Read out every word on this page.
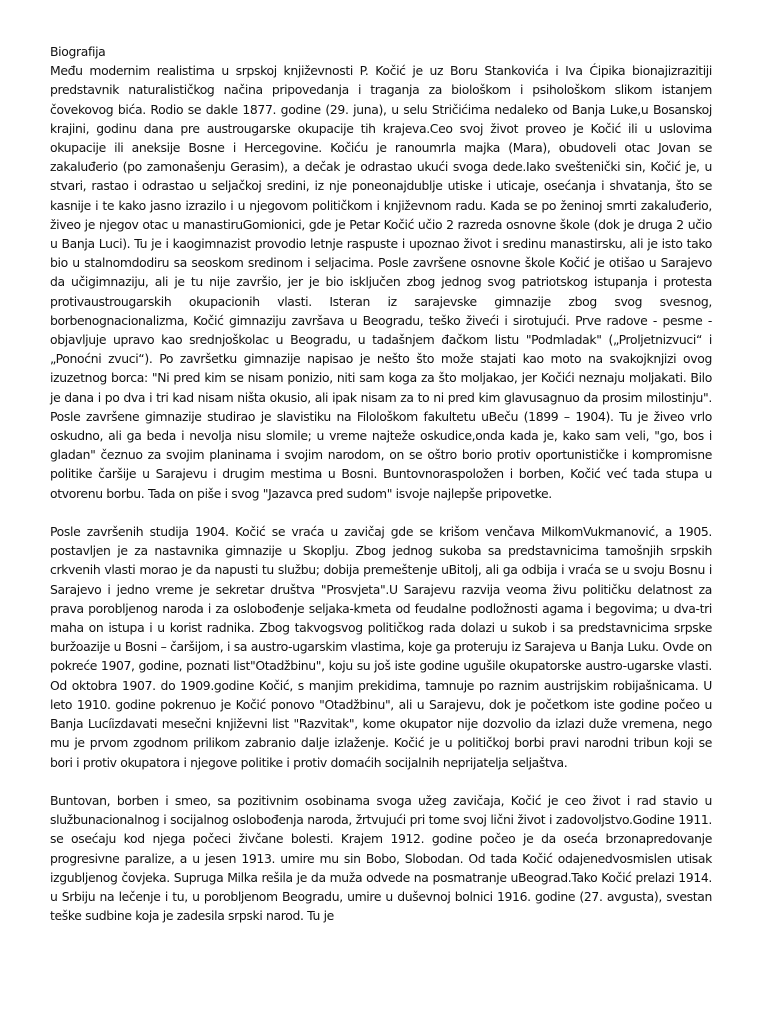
Biografija

Među modernim realistima u srpskoj književnosti P. Kočić je uz Boru Stankovića i Iva Ćipika bionajizrazitiji predstavnik naturalističkog načina pripovedanja i traganja za biološkom i psihološkom slikom istanjem čovekovog bića. Rodio se dakle 1877. godine (29. juna), u selu Stričićima nedaleko od Banja Luke,u Bosanskoj krajini, godinu dana pre austrougarske okupacije tih krajeva.Ceo svoj život proveo je Kočić ili u uslovima okupacije ili aneksije Bosne i Hercegovine. Kočiću je ranoumrla majka (Mara), obudoveli otac Jovan se zakaluđerio (po zamonašenju Gerasim), a dečak je odrastao ukući svoga dede.Iako sveštenički sin, Kočić je, u stvari, rastao i odrastao u seljačkoj sredini, iz nje poneonajdublje utiske i uticaje, osećanja i shvatanja, što se kasnije i te kako jasno izrazilo i u njegovom političkom i književnom radu. Kada se po ženinoj smrti zakaluđerio, živeo je njegov otac u manastiruGomionici, gde je Petar Kočić učio 2 razreda osnovne škole (dok je druga 2 učio u Banja Luci). Tu je i kaogimnazist provodio letnje raspuste i upoznao život i sredinu manastirsku, ali je isto tako bio u stalnomdodiru sa seoskom sredinom i seljacima. Posle završene osnovne škole Kočić je otišao u Sarajevo da učigimnaziju, ali je tu nije završio, jer je bio isključen zbog jednog svog patriotskog istupanja i protesta protivaustrougarskih okupacionih vlasti. Isteran iz sarajevske gimnazije zbog svog svesnog, borbenognacionalizma, Kočić gimnaziju završava u Beogradu, teško živeći i sirotujući. Prve radove - pesme -objavljuje upravo kao srednjoškolac u Beogradu, u tadašnjem đačkom listu "Podmladak" („Proljetnizvuci“ i „Ponoćni zvuci“). Po završetku gimnazije napisao je nešto što može stajati kao moto na svakojknjizi ovog izuzetnog borca: "Ni pred kim se nisam ponizio, niti sam koga za što moljakao, jer Kočići neznaju moljakati. Bilo je dana i po dva i tri kad nisam ništa okusio, ali ipak nisam za to ni pred kim glavusagnuo da prosim milostinju". Posle završene gimnazije studirao je slavistiku na Filološkom fakultetu uBeču (1899 – 1904). Tu je živeo vrlo oskudno, ali ga beda i nevolja nisu slomile; u vreme najteže oskudice,onda kada je, kako sam veli, "go, bos i gladan" čeznuo za svojim planinama i svojim narodom, on se oštro borio protiv oportunističke i kompromisne politike čaršije u Sarajevu i drugim mestima u Bosni. Buntovnoraspoložen i borben, Kočić već tada stupa u otvorenu borbu. Tada on piše i svog "Jazavca pred sudom" isvoje najlepše pripovetke.

Posle završenih studija 1904. Kočić se vraća u zavičaj gde se krišom venčava MilkomVukmanović, a 1905. postavljen je za nastavnika gimnazije u Skoplju. Zbog jednog sukoba sa predstavnicima tamošnjih srpskih crkvenih vlasti morao je da napusti tu službu; dobija premeštenje uBitolj, ali ga odbija i vraća se u svoju Bosnu i Sarajevo i jedno vreme je sekretar društva "Prosvjeta".U Sarajevu razvija veoma živu političku delatnost za prava porobljenog naroda i za oslobođenje seljaka-kmeta od feudalne podložnosti agama i begovima; u dva-tri maha on istupa i u korist radnika. Zbog takvogsvog političkog rada dolazi u sukob i sa predstavnicima srpske buržoazije u Bosni – čaršijom, i sa austro-ugarskim vlastima, koje ga proteruju iz Sarajeva u Banja Luku. Ovde on pokreće 1907, godine, poznati list"Otadžbinu", koju su još iste godine ugušile okupatorske austro-ugarske vlasti. Od oktobra 1907. do 1909.godine Kočić, s manjim prekidima, tamnuje po raznim austrijskim robijašnicama. U leto 1910. godine pokrenuo je Kočić ponovo "Otadžbinu", ali u Sarajevu, dok je početkom iste godine počeo u Banja Lucíizdavati mesečni književni list "Razvitak", kome okupator nije dozvolio da izlazi duže vremena, nego mu je prvom zgodnom prilikom zabranio dalje izlaženje. Kočić je u političkoj borbi pravi narodni tribun koji se bori i protiv okupatora i njegove politike i protiv domaćih socijalnih neprijatelja seljaštva.

Buntovan, borben i smeo, sa pozitivnim osobinama svoga užeg zavičaja, Kočić je ceo život i rad stavio u službunacionalnog i socijalnog oslobođenja naroda, žrtvujući pri tome svoj lični život i zadovoljstvo.Godine 1911. se osećaju kod njega počeci živčane bolesti. Krajem 1912. godine počeo je da oseća brzonapredovanje progresivne paralize, a u jesen 1913. umire mu sin Bobo, Slobodan. Od tada Kočić odajenedvosmislen utisak izgubljenog čovjeka. Supruga Milka rešila je da muža odvede na posmatranje uBeograd.Tako Kočić prelazi 1914. u Srbiju na lečenje i tu, u porobljenom Beogradu, umire u duševnoj bolnici 1916. godine (27. avgusta), svestan teške sudbine koja je zadesila srpski narod. Tu je
